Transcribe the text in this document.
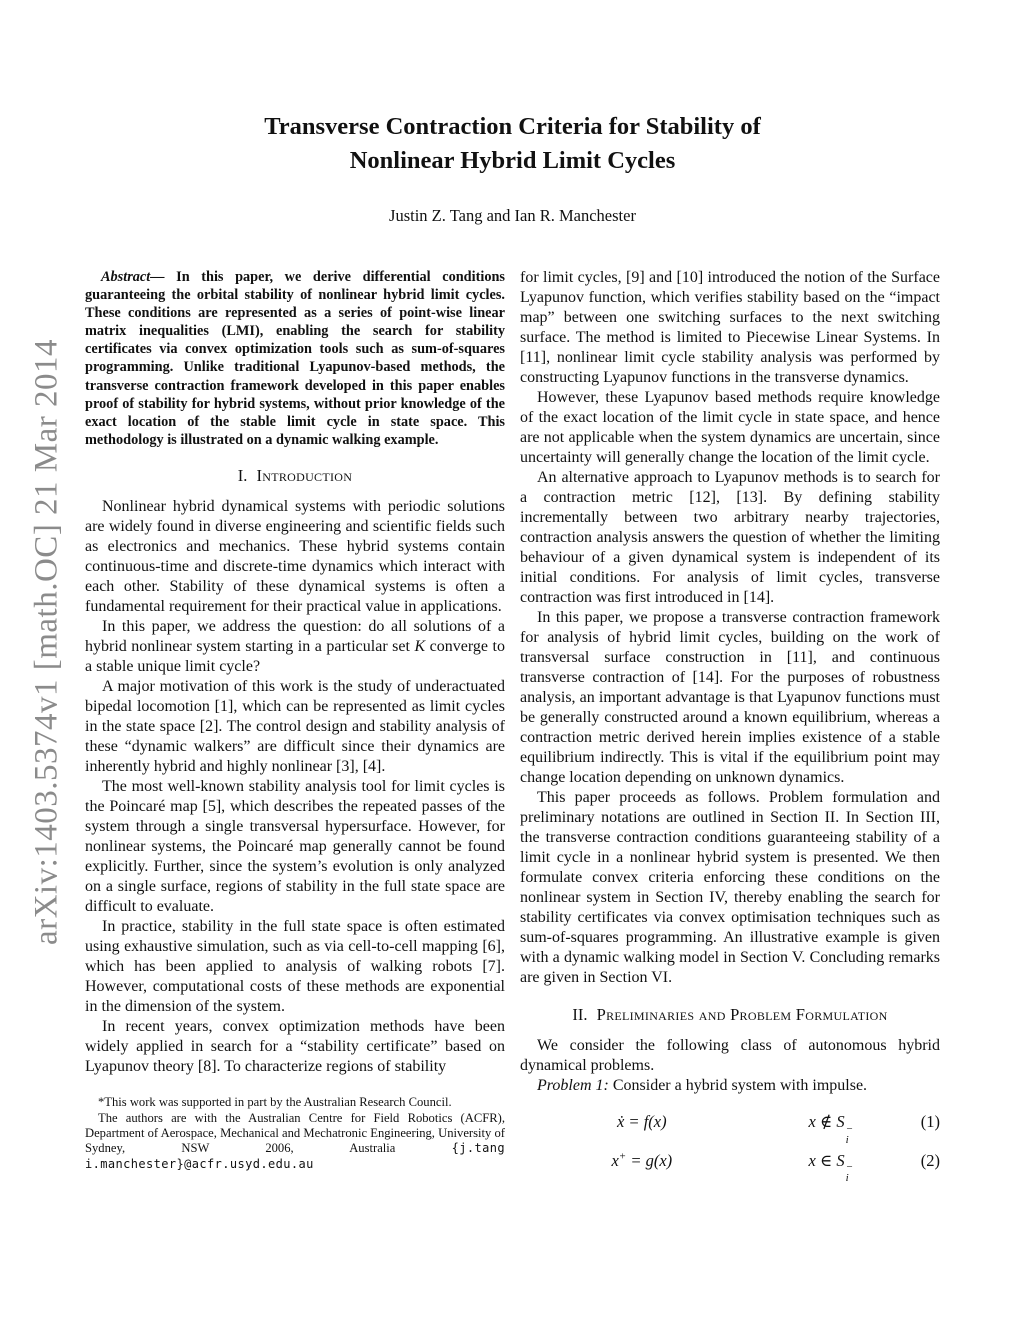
arXiv:1403.5374v1 [math.OC] 21 Mar 2014
Transverse Contraction Criteria for Stability of
Nonlinear Hybrid Limit Cycles
Justin Z. Tang and Ian R. Manchester

Abstract— In this paper, we derive differential conditions guaranteeing the orbital stability of nonlinear hybrid limit cycles. These conditions are represented as a series of point-wise linear matrix inequalities (LMI), enabling the search for stability certificates via convex optimization tools such as sum-of-squares programming. Unlike traditional Lyapunov-based methods, the transverse contraction framework developed in this paper enables proof of stability for hybrid systems, without prior knowledge of the exact location of the stable limit cycle in state space. This methodology is illustrated on a dynamic walking example.

I. Introduction

Nonlinear hybrid dynamical systems with periodic solutions are widely found in diverse engineering and scientific fields such as electronics and mechanics. These hybrid systems contain continuous-time and discrete-time dynamics which interact with each other. Stability of these dynamical systems is often a fundamental requirement for their practical value in applications.

In this paper, we address the question: do all solutions of a hybrid nonlinear system starting in a particular set K converge to a stable unique limit cycle?

A major motivation of this work is the study of underactuated bipedal locomotion [1], which can be represented as limit cycles in the state space [2]. The control design and stability analysis of these “dynamic walkers” are difficult since their dynamics are inherently hybrid and highly nonlinear [3], [4].

The most well-known stability analysis tool for limit cycles is the Poincaré map [5], which describes the repeated passes of the system through a single transversal hypersurface. However, for nonlinear systems, the Poincaré map generally cannot be found explicitly. Further, since the system’s evolution is only analyzed on a single surface, regions of stability in the full state space are difficult to evaluate.

In practice, stability in the full state space is often estimated using exhaustive simulation, such as via cell-to-cell mapping [6], which has been applied to analysis of walking robots [7]. However, computational costs of these methods are exponential in the dimension of the system.

In recent years, convex optimization methods have been widely applied in search for a “stability certificate” based on Lyapunov theory [8]. To characterize regions of stability

*This work was supported in part by the Australian Research Council.

The authors are with the Australian Centre for Field Robotics (ACFR), Department of Aerospace, Mechanical and Mechatronic Engineering, University of Sydney, NSW 2006, Australia {j.tang i.manchester}@acfr.usyd.edu.au

for limit cycles, [9] and [10] introduced the notion of the Surface Lyapunov function, which verifies stability based on the “impact map” between one switching surfaces to the next switching surface. The method is limited to Piecewise Linear Systems. In [11], nonlinear limit cycle stability analysis was performed by constructing Lyapunov functions in the transverse dynamics.

However, these Lyapunov based methods require knowledge of the exact location of the limit cycle in state space, and hence are not applicable when the system dynamics are uncertain, since uncertainty will generally change the location of the limit cycle.

An alternative approach to Lyapunov methods is to search for a contraction metric [12], [13]. By defining stability incrementally between two arbitrary nearby trajectories, contraction analysis answers the question of whether the limiting behaviour of a given dynamical system is independent of its initial conditions. For analysis of limit cycles, transverse contraction was first introduced in [14].

In this paper, we propose a transverse contraction framework for analysis of hybrid limit cycles, building on the work of transversal surface construction in [11], and continuous transverse contraction of [14]. For the purposes of robustness analysis, an important advantage is that Lyapunov functions must be generally constructed around a known equilibrium, whereas a contraction metric derived herein implies existence of a stable equilibrium indirectly. This is vital if the equilibrium point may change location depending on unknown dynamics.

This paper proceeds as follows. Problem formulation and preliminary notations are outlined in Section II. In Section III, the transverse contraction conditions guaranteeing stability of a limit cycle in a nonlinear hybrid system is presented. We then formulate convex criteria enforcing these conditions on the nonlinear system in Section IV, thereby enabling the search for stability certificates via convex optimisation techniques such as sum-of-squares programming. An illustrative example is given with a dynamic walking model in Section V. Concluding remarks are given in Section VI.

II. Preliminaries and Problem Formulation

We consider the following class of autonomous hybrid dynamical problems.

Problem 1: Consider a hybrid system with impulse.

ẋ = f(x)	x ∉ S −
i
(1)
x+ = g(x)	x ∈ S −
i
(2)
